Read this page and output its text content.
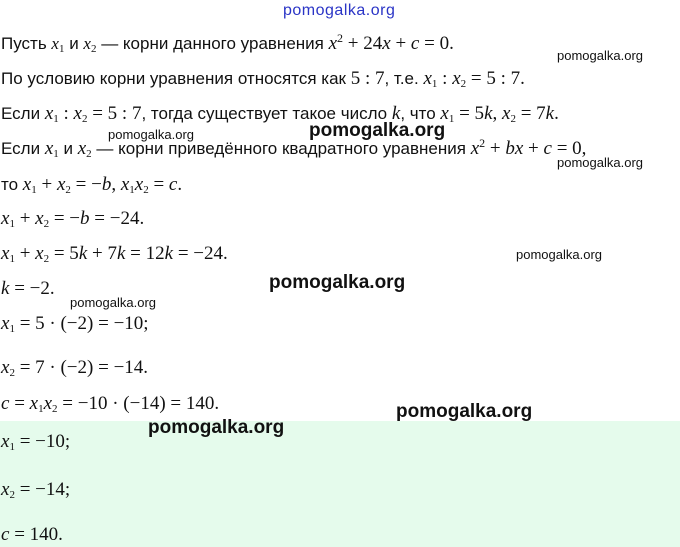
pomogalka.org
Пусть $x_1$ и $x_2$ — корни данного уравнения $x^2 + 24x + c = 0$.
По условию корни уравнения относятся как 5 : 7, т.е. $x_1$ : $x_2 = 5$ : 7.
Если $x_1$ : $x_2 = 5$ : 7, тогда существует такое число k, что $x_1 = 5k$, $x_2 = 7k$.
Если $x_1$ и $x_2$ — корни приведённого квадратного уравнения $x^2$ + bx + c = 0,
то $x_1 + x_2 = -b$, $x_1x_2 = c$.
$x_1 + x_2 = -b = -24$.
$x_1 + x_2 = 5k + 7k = 12k = -24$.
k = −2.
$x_1 = 5 \cdot (-2) = -10$;
$x_2 = 7 \cdot (-2) = -14$.
$c = x_1x_2 = -10 \cdot (-14) = 140$.
$x_1 = -10$;
$x_2 = -14$;
c = 140.
pomogalka.org
pomogalka.org	pomogalka.org
pomogalka.org
pomogalka.org
pomogalka.org
pomogalka.org
pomogalka.org
pomogalka.org
